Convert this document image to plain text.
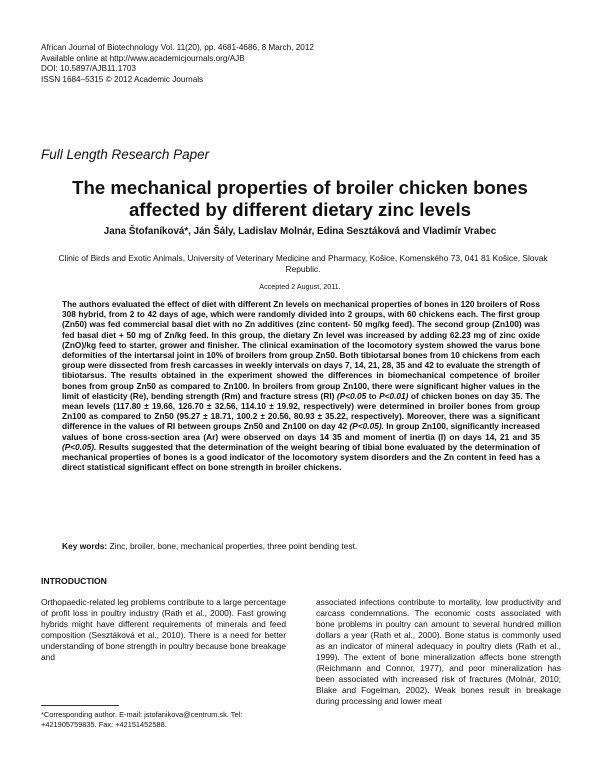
African Journal of Biotechnology Vol. 11(20), pp. 4681-4686, 8 March, 2012
Available online at http://www.academicjournals.org/AJB
DOI: 10.5897/AJB11.1703
ISSN 1684–5315 © 2012 Academic Journals
Full Length Research Paper
The mechanical properties of broiler chicken bones affected by different dietary zinc levels
Jana Štofaníková*, Ján Šály, Ladislav Molnár, Edina Sesztáková and Vladimír Vrabec
Clinic of Birds and Exotic Animals, University of Veterinary Medicine and Pharmacy, Košice, Komenského 73, 041 81 Košice, Slovak Republic.
Accepted 2 August, 2011.

The authors evaluated the effect of diet with different Zn levels on mechanical properties of bones in 120 broilers of Ross 308 hybrid, from 2 to 42 days of age, which were randomly divided into 2 groups, with 60 chickens each. The first group (Zn50) was fed commercial basal diet with no Zn additives (zinc content- 50 mg/kg feed). The second group (Zn100) was fed basal diet + 50 mg of Zn/kg feed. In this group, the dietary Zn level was increased by adding 62.23 mg of zinc oxide (ZnO)/kg feed to starter, grower and finisher. The clinical examination of the locomotory system showed the varus bone deformities of the intertarsal joint in 10% of broilers from group Zn50. Both tibiotarsal bones from 10 chickens from each group were dissected from fresh carcasses in weekly intervals on days 7, 14, 21, 28, 35 and 42 to evaluate the strength of tibiotarsus. The results obtained in the experiment showed the differences in biomechanical competence of broiler bones from group Zn50 as compared to Zn100. In broilers from group Zn100, there were significant higher values in the limit of elasticity (Re), bending strength (Rm) and fracture stress (RI) (P<0.05 to P<0.01) of chicken bones on day 35. The mean levels (117.80 ± 19.66, 126.70 ± 32.56, 114.10 ± 19.92, respectively) were determined in broiler bones from group Zn100 as compared to Zn50 (95.27 ± 18.71, 100.2 ± 20.56, 80.93 ± 35.22, respectively). Moreover, there was a significant difference in the values of RI between groups Zn50 and Zn100 on day 42 (P<0.05). In group Zn100, significantly increased values of bone cross-section area (Ar) were observed on days 14 35 and moment of inertia (I) on days 14, 21 and 35 (P<0.05). Results suggested that the determination of the weight bearing of tibial bone evaluated by the determination of mechanical properties of bones is a good indicator of the locomotory system disorders and the Zn content in feed has a direct statistical significant effect on bone strength in broiler chickens.

Key words: Zinc, broiler, bone, mechanical properties, three point bending test.
INTRODUCTION

Orthopaedic-related leg problems contribute to a large percentage of profit loss in poultry industry (Rath et al., 2000). Fast growing hybrids might have different requirements of minerals and feed composition (Sesztáková et al., 2010). There is a need for better understanding of bone strength in poultry because bone breakage and

associated infections contribute to mortality, low productivity and carcass condemnations. The economic costs associated with bone problems in poultry can amount to several hundred million dollars a year (Rath et al., 2000). Bone status is commonly used as an indicator of mineral adequacy in poultry diets (Rath et al., 1999). The extent of bone mineralization affects bone strength (Reichmann and Connor, 1977), and poor mineralization has been associated with increased risk of fractures (Molnár, 2010; Blake and Fogelman, 2002). Weak bones result in breakage during processing and lower meat

*Corresponding author. E-mail: jstofanikova@centrum.sk. Tel: +421905759835. Fax: +42151452588.
